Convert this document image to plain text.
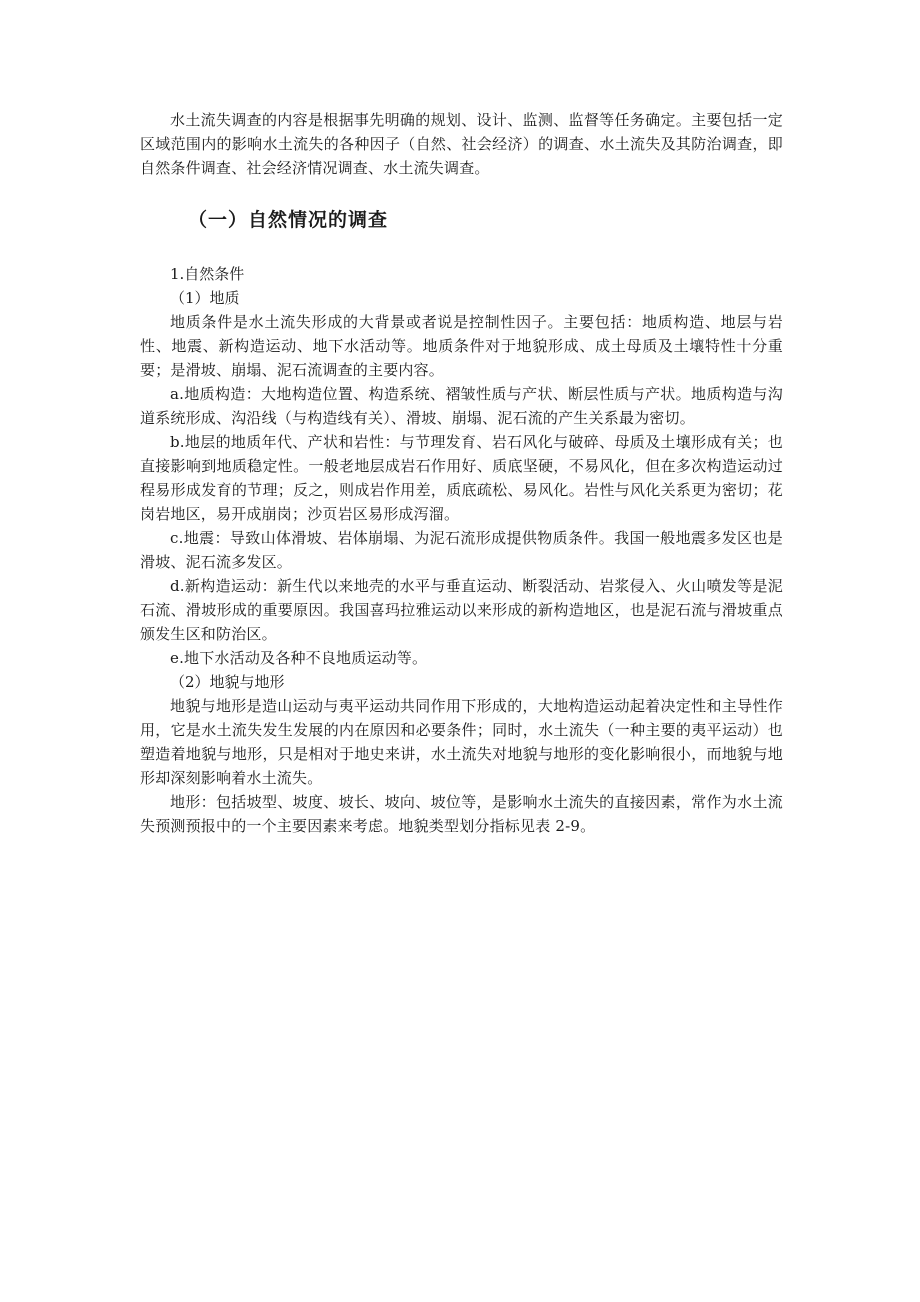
水土流失调查的内容是根据事先明确的规划、设计、监测、监督等任务确定。主要包括一定区域范围内的影响水土流失的各种因子（自然、社会经济）的调查、水土流失及其防治调查，即自然条件调查、社会经济情况调查、水土流失调查。

（一）自然情况的调查

1.自然条件

（1）地质

地质条件是水土流失形成的大背景或者说是控制性因子。主要包括：地质构造、地层与岩性、地震、新构造运动、地下水活动等。地质条件对于地貌形成、成土母质及土壤特性十分重要；是滑坡、崩塌、泥石流调查的主要内容。

a.地质构造：大地构造位置、构造系统、褶皱性质与产状、断层性质与产状。地质构造与沟道系统形成、沟沿线（与构造线有关）、滑坡、崩塌、泥石流的产生关系最为密切。

b.地层的地质年代、产状和岩性：与节理发育、岩石风化与破碎、母质及土壤形成有关；也直接影响到地质稳定性。一般老地层成岩石作用好、质底坚硬，不易风化，但在多次构造运动过程易形成发育的节理；反之，则成岩作用差，质底疏松、易风化。岩性与风化关系更为密切；花岗岩地区，易开成崩岗；沙页岩区易形成泻溜。

c.地震：导致山体滑坡、岩体崩塌、为泥石流形成提供物质条件。我国一般地震多发区也是滑坡、泥石流多发区。

d.新构造运动：新生代以来地壳的水平与垂直运动、断裂活动、岩浆侵入、火山喷发等是泥石流、滑坡形成的重要原因。我国喜玛拉雅运动以来形成的新构造地区，也是泥石流与滑坡重点颁发生区和防治区。

e.地下水活动及各种不良地质运动等。

（2）地貌与地形

地貌与地形是造山运动与夷平运动共同作用下形成的，大地构造运动起着决定性和主导性作用，它是水土流失发生发展的内在原因和必要条件；同时，水土流失（一种主要的夷平运动）也塑造着地貌与地形，只是相对于地史来讲，水土流失对地貌与地形的变化影响很小，而地貌与地形却深刻影响着水土流失。

地形：包括坡型、坡度、坡长、坡向、坡位等，是影响水土流失的直接因素，常作为水土流失预测预报中的一个主要因素来考虑。地貌类型划分指标见表 2-9。
